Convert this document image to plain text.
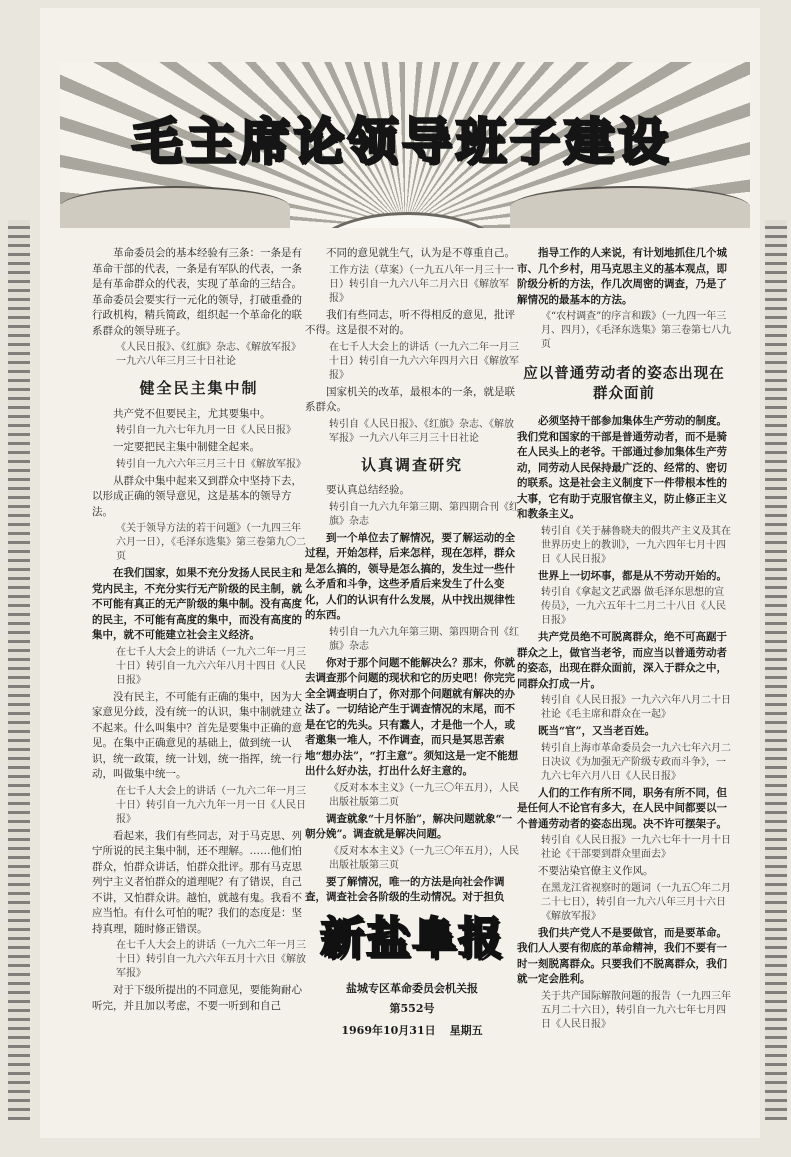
毛主席论领导班子建设

革命委员会的基本经验有三条：一条是有革命干部的代表，一条是有军队的代表，一条是有革命群众的代表，实现了革命的三结合。革命委员会要实行一元化的领导，打破重叠的行政机构，精兵简政，组织起一个革命化的联系群众的领导班子。

《人民日报》、《红旗》杂志、《解放军报》一九六八年三月三十日社论

健全民主集中制

共产党不但要民主，尤其要集中。

转引自一九六七年九月一日《人民日报》

一定要把民主集中制健全起来。

转引自一九六六年三月三十日《解放军报》

从群众中集中起来又到群众中坚持下去，以形成正确的领导意见，这是基本的领导方法。

《关于领导方法的若干问题》（一九四三年六月一日），《毛泽东选集》第三卷第九〇二页

在我们国家，如果不充分发扬人民民主和党内民主，不充分实行无产阶级的民主制，就不可能有真正的无产阶级的集中制。没有高度的民主，不可能有高度的集中，而没有高度的集中，就不可能建立社会主义经济。

在七千人大会上的讲话（一九六二年一月三十日）转引自一九六六年八月十四日《人民日报》

没有民主，不可能有正确的集中，因为大家意见分歧，没有统一的认识，集中制就建立不起来。什么叫集中？首先是要集中正确的意见。在集中正确意见的基础上，做到统一认识，统一政策，统一计划，统一指挥，统一行动，叫做集中统一。

在七千人大会上的讲话（一九六二年一月三十日）转引自一九六九年一月一日《人民日报》

看起来，我们有些同志，对于马克思、列宁所说的民主集中制，还不理解。……他们怕群众，怕群众讲话，怕群众批评。那有马克思列宁主义者怕群众的道理呢？有了错误，自己不讲，又怕群众讲。越怕，就越有鬼。我看不应当怕。有什么可怕的呢？我们的态度是：坚持真理，随时修正错误。

在七千人大会上的讲话（一九六二年一月三十日）转引自一九六六年五月十六日《解放军报》

对于下级所提出的不同意见，要能夠耐心听完，并且加以考虑，不要一听到和自己

不同的意见就生气，认为是不尊重自己。

工作方法（草案）（一九五八年一月三十一日）转引自一九六八年二月六日《解放军报》

我们有些同志，听不得相反的意见，批评不得。这是很不对的。

在七千人大会上的讲话（一九六二年一月三十日）转引自一九六六年四月六日《解放军报》

国家机关的改革，最根本的一条，就是联系群众。

转引自《人民日报》、《红旗》杂志、《解放军报》一九六八年三月三十日社论

认真调查研究

要认真总结经验。

转引自一九六九年第三期、第四期合刊《红旗》杂志

到一个单位去了解情况，要了解运动的全过程，开始怎样，后来怎样，现在怎样，群众是怎么搞的，领导是怎么搞的，发生过一些什么矛盾和斗争，这些矛盾后来发生了什么变化，人们的认识有什么发展，从中找出规律性的东西。

转引自一九六九年第三期、第四期合刊《红旗》杂志

你对于那个问题不能解决么？那末，你就去调查那个问题的现状和它的历史吧！你完完全全调查明白了，你对那个问题就有解决的办法了。一切结论产生于调查情况的末尾，而不是在它的先头。只有蠢人，才是他一个人，或者邀集一堆人，不作调查，而只是冥思苦索地“想办法”，“打主意”。须知这是一定不能想出什么好办法，打出什么好主意的。

《反对本本主义》（一九三〇年五月），人民出版社版第二页

调查就象“十月怀胎”，解决问题就象“一朝分娩”。调查就是解决问题。

《反对本本主义》（一九三〇年五月），人民出版社版第三页

要了解情况，唯一的方法是向社会作调查，调查社会各阶级的生动情况。对于担负

新盐阜报
盐城专区革命委员会机关报
第552号
1969年10月31日 星期五

指导工作的人来说，有计划地抓住几个城市、几个乡村，用马克思主义的基本观点，即阶级分析的方法，作几次周密的调查，乃是了解情况的最基本的方法。

《“农村调查”的序言和跋》（一九四一年三月、四月），《毛泽东选集》第三卷第七八九页

应以普通劳动者的姿态出现在群众面前

必须坚持干部参加集体生产劳动的制度。我们党和国家的干部是普通劳动者，而不是骑在人民头上的老爷。干部通过参加集体生产劳动，同劳动人民保持最广泛的、经常的、密切的联系。这是社会主义制度下一件带根本性的大事，它有助于克服官僚主义，防止修正主义和教条主义。

转引自《关于赫鲁晓夫的假共产主义及其在世界历史上的教训》，一九六四年七月十四日《人民日报》

世界上一切坏事，都是从不劳动开始的。

转引自《拿起文艺武器 做毛泽东思想的宣传员》，一九六五年十二月二十八日《人民日报》

共产党员绝不可脱离群众，绝不可高踞于群众之上，做官当老爷，而应当以普通劳动者的姿态，出现在群众面前，深入于群众之中，同群众打成一片。

转引自《人民日报》一九六六年八月二十日社论《毛主席和群众在一起》

既当“官”，又当老百姓。

转引自上海市革命委员会一九六七年六月二日决议《为加强无产阶级专政而斗争》，一九六七年六月八日《人民日报》

人们的工作有所不同，职务有所不同，但是任何人不论官有多大，在人民中间都要以一个普通劳动者的姿态出现。决不许可摆架子。

转引自《人民日报》一九六七年十一月十日社论《干部要到群众里面去》

不要沾染官僚主义作风。

在黑龙江省视察时的题词（一九五〇年二月二十七日），转引自一九六八年三月十六日《解放军报》

我们共产党人不是要做官，而是要革命。我们人人要有彻底的革命精神，我们不要有一时一刻脱离群众。只要我们不脱离群众，我们就一定会胜利。

关于共产国际解散问题的报告（一九四三年五月二十六日），转引自一九六七年七月四日《人民日报》
